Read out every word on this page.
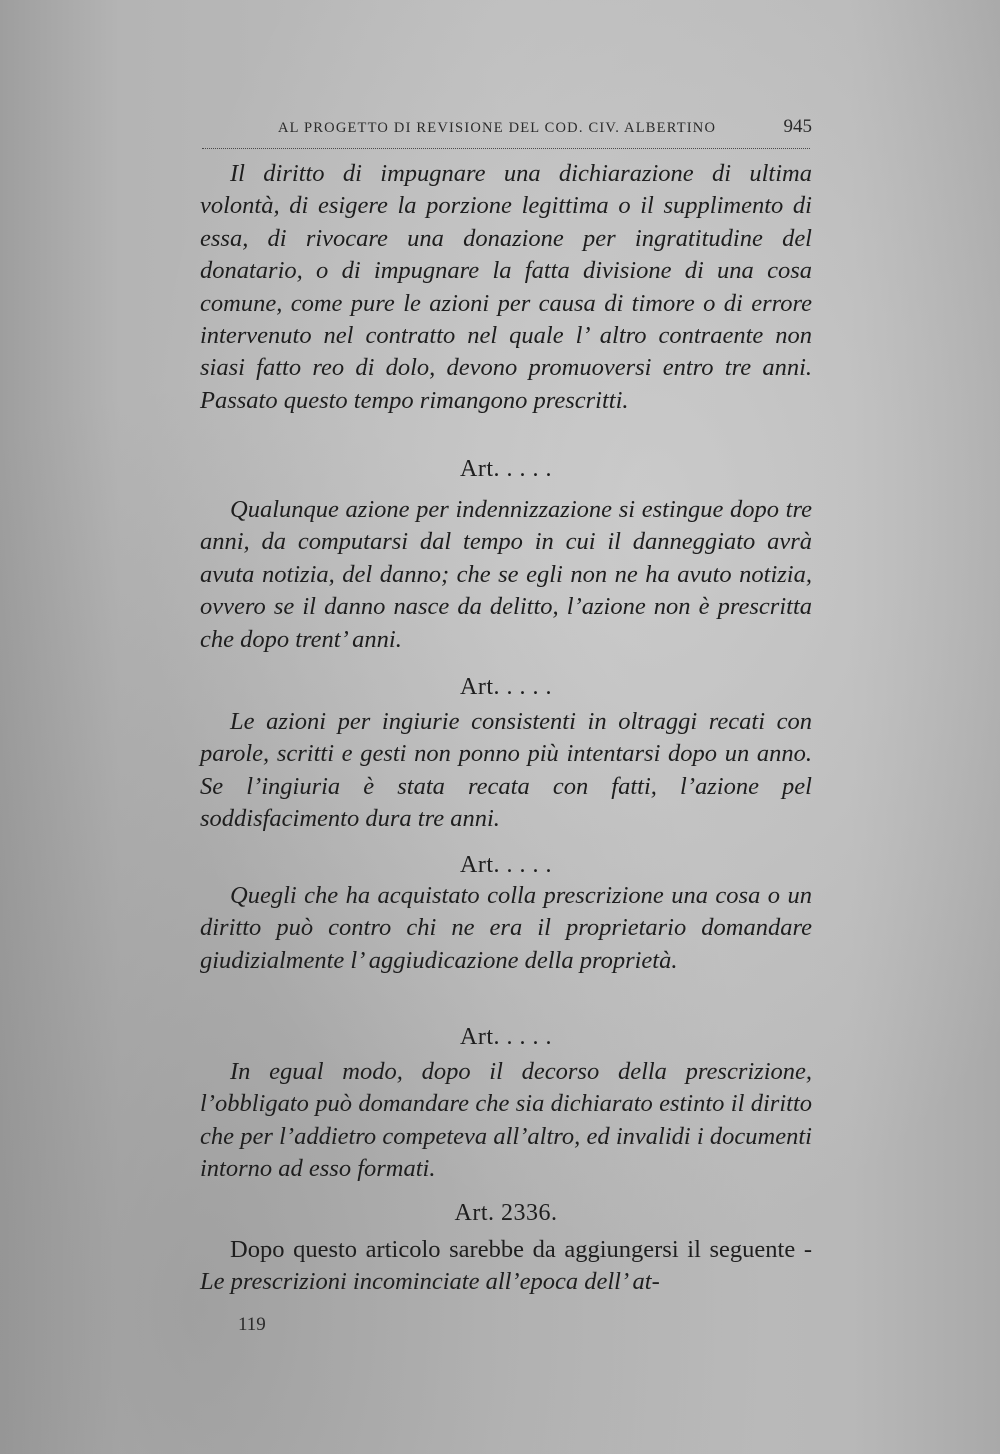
AL PROGETTO DI REVISIONE DEL COD. CIV. ALBERTINO	945
Il diritto di impugnare una dichiarazione di ultima volontà, di esigere la porzione legittima o il supplimento di essa, di rivocare una donazione per ingratitudine del donatario, o di impugnare la fatta divisione di una cosa comune, come pure le azioni per causa di timore o di errore intervenuto nel contratto nel quale l’ altro contraente non siasi fatto reo di dolo, devono promuoversi entro tre anni. Passato questo tempo rimangono prescritti.
Art. . . . .
Qualunque azione per indennizzazione si estingue dopo tre anni, da computarsi dal tempo in cui il danneggiato avrà avuta notizia, del danno; che se egli non ne ha avuto notizia, ovvero se il danno nasce da delitto, l’azione non è prescritta che dopo trent’ anni.
Art. . . . .
Le azioni per ingiurie consistenti in oltraggi recati con parole, scritti e gesti non ponno più intentarsi dopo un anno. Se l’ingiuria è stata recata con fatti, l’azione pel soddisfacimento dura tre anni.
Art. . . . .
Quegli che ha acquistato colla prescrizione una cosa o un diritto può contro chi ne era il proprietario domandare giudizialmente l’ aggiudicazione della proprietà.
Art. . . . .
In egual modo, dopo il decorso della prescrizione, l’obbligato può domandare che sia dichiarato estinto il diritto che per l’addietro competeva all’altro, ed invalidi i documenti intorno ad esso formati.
Art. 2336.
Dopo questo articolo sarebbe da aggiungersi il seguente - Le prescrizioni incominciate all’epoca dell’ at-
119
